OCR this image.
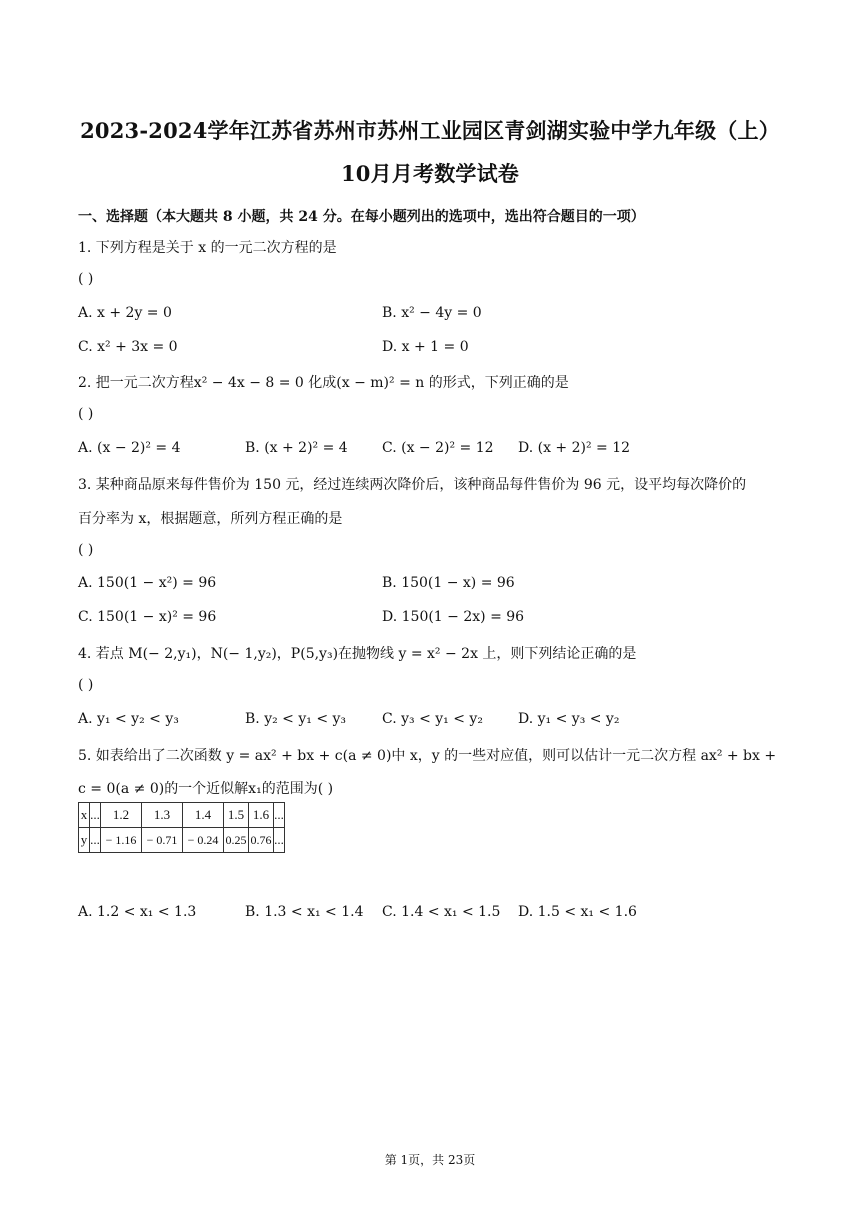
2023-2024学年江苏省苏州市苏州工业园区青剑湖实验中学九年级（上）
10月月考数学试卷
一、选择题（本大题共 8 小题，共 24 分。在每小题列出的选项中，选出符合题目的一项）
1. 下列方程是关于 x 的一元二次方程的是
( )
A. x + 2y = 0	B. x² − 4y = 0
C. x² + 3x = 0	D. x + 1 = 0
2. 把一元二次方程x² − 4x − 8 = 0 化成(x − m)² = n 的形式，下列正确的是
( )
A. (x − 2)² = 4	B. (x + 2)² = 4 C. (x − 2)² = 12 D. (x + 2)² = 12
3. 某种商品原来每件售价为 150 元，经过连续两次降价后，该种商品每件售价为 96 元，设平均每次降价的
百分率为 x，根据题意，所列方程正确的是
( )
A. 150(1 − x²) = 96	B. 150(1 − x) = 96
C. 150(1 − x)² = 96	D. 150(1 − 2x) = 96
4. 若点 M(− 2,y₁)，N(− 1,y₂)，P(5,y₃)在抛物线 y = x² − 2x 上，则下列结论正确的是
( )
A. y₁ < y₂ < y₃	B. y₂ < y₁ < y₃	C. y₃ < y₁ < y₂	D. y₁ < y₃ < y₂
5. 如表给出了二次函数 y = ax² + bx + c(a ≠ 0)中 x，y 的一些对应值，则可以估计一元二次方程 ax² + bx +
c = 0(a ≠ 0)的一个近似解x₁的范围为( )
x	...	1.2	1.3	1.4	1.5	1.6	...
y	...	− 1.16	− 0.71	− 0.24	0.25	0.76	...
A. 1.2 < x₁ < 1.3	B. 1.3 < x₁ < 1.4 C. 1.4 < x₁ < 1.5 D. 1.5 < x₁ < 1.6
第 1页，共 23页
